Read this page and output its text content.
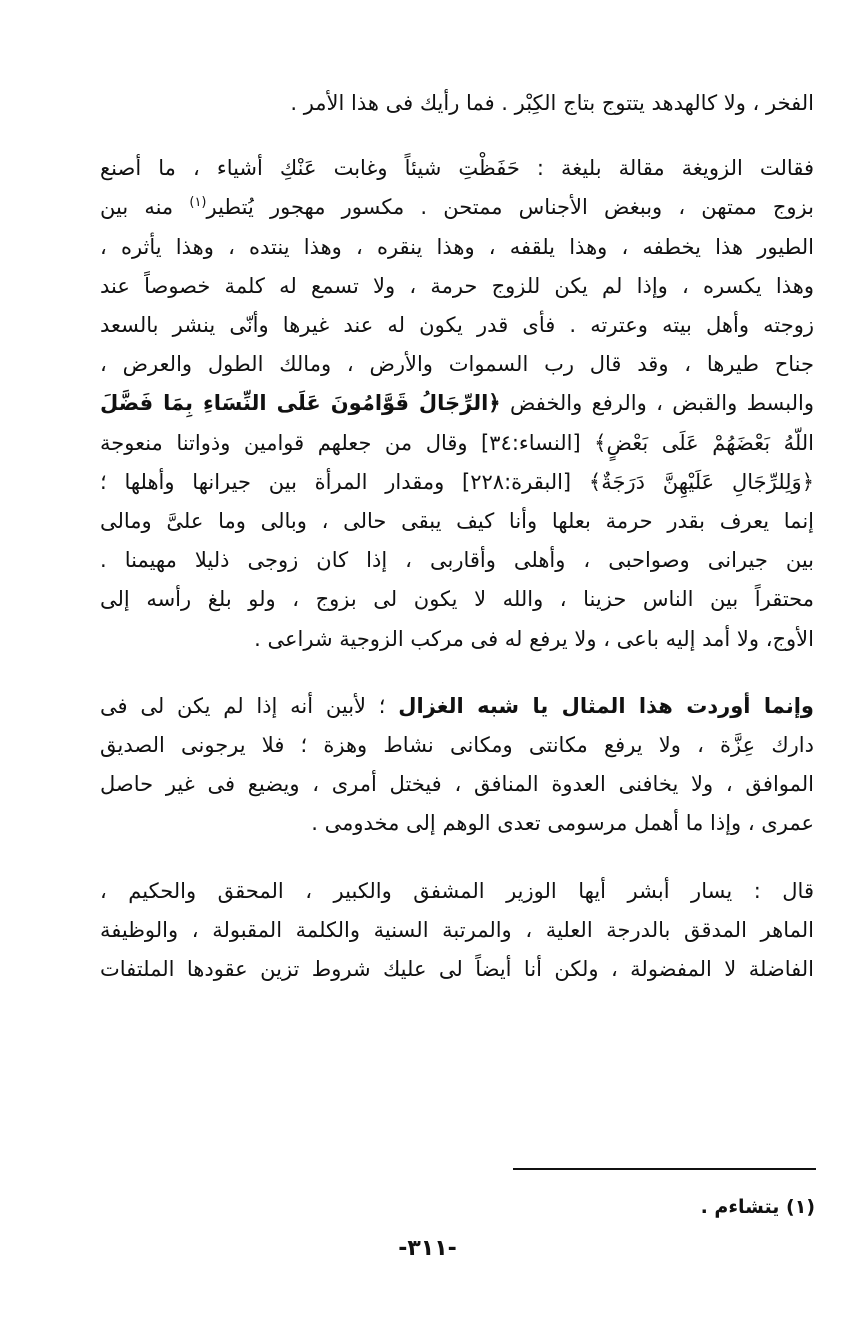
الفخر ، ولا كالهدهد يتتوج بتاج الكِبْر . فما رأيك فى هذا الأمر .

فقالت الزويغة مقالة بليغة : حَفَظْتِ شيئاً وغابت عَنْكِ أشياء ، ما أصنع
بزوج ممتهن ، وببغض الأجناس ممتحن . مكسور مهجور يُتطير$^{(١)}$ منه بين
الطيور هذا يخطفه ، وهذا يلقفه ، وهذا ينقره ، وهذا ينتده ، وهذا يأثره ،
وهذا يكسره ، وإذا لم يكن للزوج حرمة ، ولا تسمع له كلمة خصوصاً عند
زوجته وأهل بيته وعترته . فأى قدر يكون له عند غيرها وأنّى ينشر بالسعد
جناح طيرها ، وقد قال رب السموات والأرض ، ومالك الطول والعرض ،
والبسط والقبض ، والرفع والخفض ﴿الرِّجَالُ قَوَّامُونَ عَلَى النِّسَاءِ بِمَا فَضَّلَ
اللّهُ بَعْضَهُمْ عَلَى بَعْضٍ﴾ [النساء:٣٤] وقال من جعلهم قوامين وذواتنا منعوجة
﴿وَلِلرِّجَالِ عَلَيْهِنَّ دَرَجَةٌ﴾ [البقرة:٢٢٨] ومقدار المرأة بين جيرانها وأهلها ؛
إنما يعرف بقدر حرمة بعلها وأنا كيف يبقى حالى ، وبالى وما علىَّ ومالى
بين جيرانى وصواحبى ، وأهلى وأقاربى ، إذا كان زوجى ذليلا مهيمنا .
محتقراً بين الناس حزينا ، والله لا يكون لى بزوج ، ولو بلغ رأسه إلى
الأوج، ولا أمد إليه باعى ، ولا يرفع له فى مركب الزوجية شراعى .

وإنما أوردت هذا المثال يا شبه الغزال ؛ لأبين أنه إذا لم يكن لى فى
دارك عِزَّة ، ولا يرفع مكانتى ومكانى نشاط وهزة ؛ فلا يرجونى الصديق
الموافق ، ولا يخافنى العدوة المنافق ، فيختل أمرى ، ويضيع فى غير حاصل
عمرى ، وإذا ما أهمل مرسومى تعدى الوهم إلى مخدومى .

قال : يسار أبشر أيها الوزير المشفق والكبير ، المحقق والحكيم ،
الماهر المدقق بالدرجة العلية ، والمرتبة السنية والكلمة المقبولة ، والوظيفة
الفاضلة لا المفضولة ، ولكن أنا أيضاً لى عليك شروط تزين عقودها الملتفات

(١) يتشاءم .
-٣١١-
